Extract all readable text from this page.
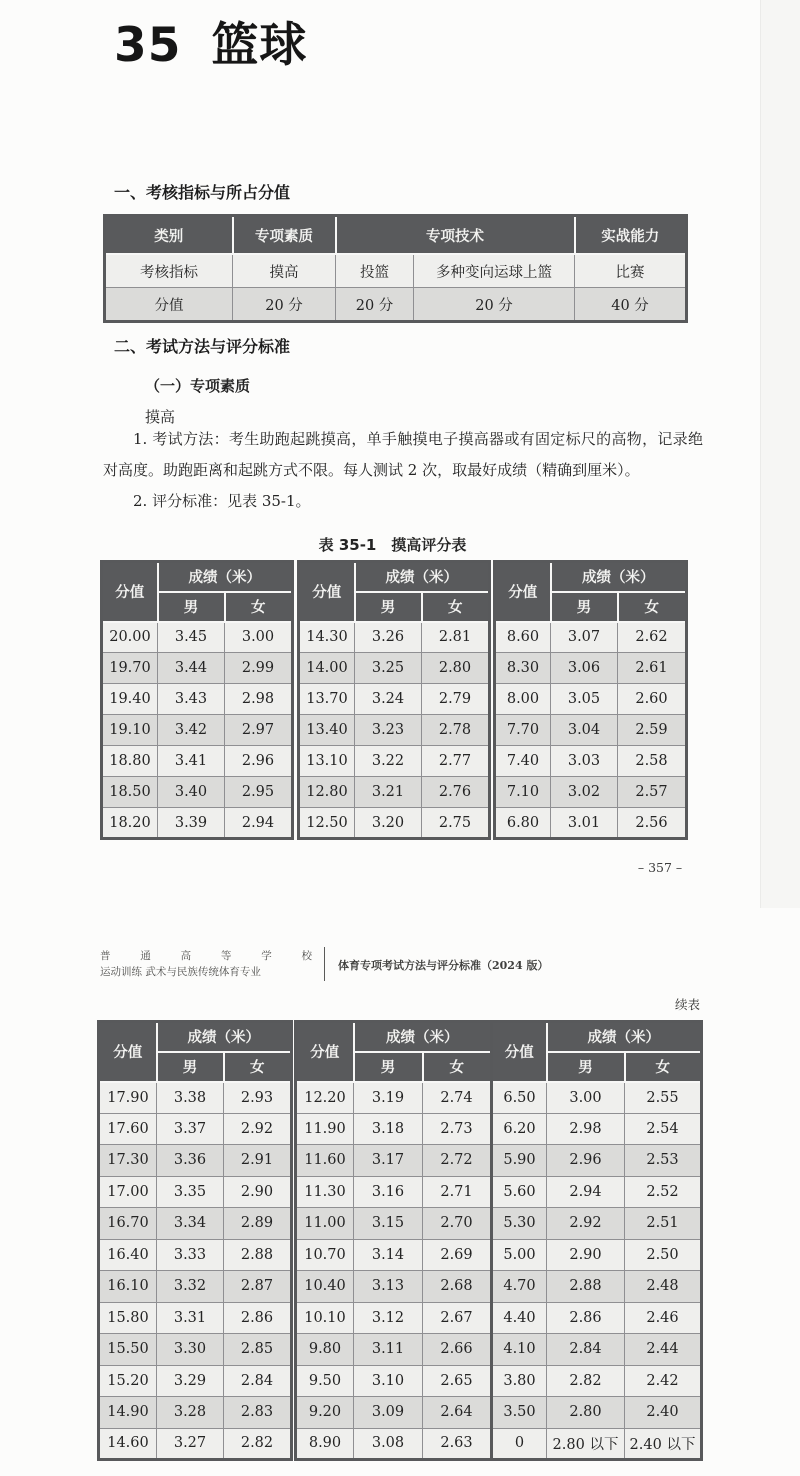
35 篮球
一、考核指标与所占分值
类别	专项素质	专项技术		实战能力
考核指标	摸高	投篮	多种变向运球上篮	比赛
分值	20 分	20 分	20 分	40 分
二、考试方法与评分标准
（一）专项素质
摸高
1. 考试方法：考生助跑起跳摸高，单手触摸电子摸高器或有固定标尺的高物，记录绝对高度。助跑距离和起跳方式不限。每人测试 2 次，取最好成绩（精确到厘米）。
2. 评分标准：见表 35-1。
表 35-1　摸高评分表
分值	成绩（米）	
	男	女
20.00	3.45	3.00
19.70	3.44	2.99
19.40	3.43	2.98
19.10	3.42	2.97
18.80	3.41	2.96
18.50	3.40	2.95
18.20	3.39	2.94
分值	成绩（米）	
	男	女
14.30	3.26	2.81
14.00	3.25	2.80
13.70	3.24	2.79
13.40	3.23	2.78
13.10	3.22	2.77
12.80	3.21	2.76
12.50	3.20	2.75
分值	成绩（米）	
	男	女
8.60	3.07	2.62
8.30	3.06	2.61
8.00	3.05	2.60
7.70	3.04	2.59
7.40	3.03	2.58
7.10	3.02	2.57
6.80	3.01	2.56
– 357 –
普通高等学校
运动训练 武术与民族传统体育专业	体育专项考试方法与评分标准（2024 版）
续表
分值	成绩（米）	
	男	女
17.90	3.38	2.93
17.60	3.37	2.92
17.30	3.36	2.91
17.00	3.35	2.90
16.70	3.34	2.89
16.40	3.33	2.88
16.10	3.32	2.87
15.80	3.31	2.86
15.50	3.30	2.85
15.20	3.29	2.84
14.90	3.28	2.83
14.60	3.27	2.82
分值	成绩（米）	
	男	女
12.20	3.19	2.74
11.90	3.18	2.73
11.60	3.17	2.72
11.30	3.16	2.71
11.00	3.15	2.70
10.70	3.14	2.69
10.40	3.13	2.68
10.10	3.12	2.67
9.80	3.11	2.66
9.50	3.10	2.65
9.20	3.09	2.64
8.90	3.08	2.63
分值	成绩（米）	
	男	女
6.50	3.00	2.55
6.20	2.98	2.54
5.90	2.96	2.53
5.60	2.94	2.52
5.30	2.92	2.51
5.00	2.90	2.50
4.70	2.88	2.48
4.40	2.86	2.46
4.10	2.84	2.44
3.80	2.82	2.42
3.50	2.80	2.40
0	2.80 以下	2.40 以下
